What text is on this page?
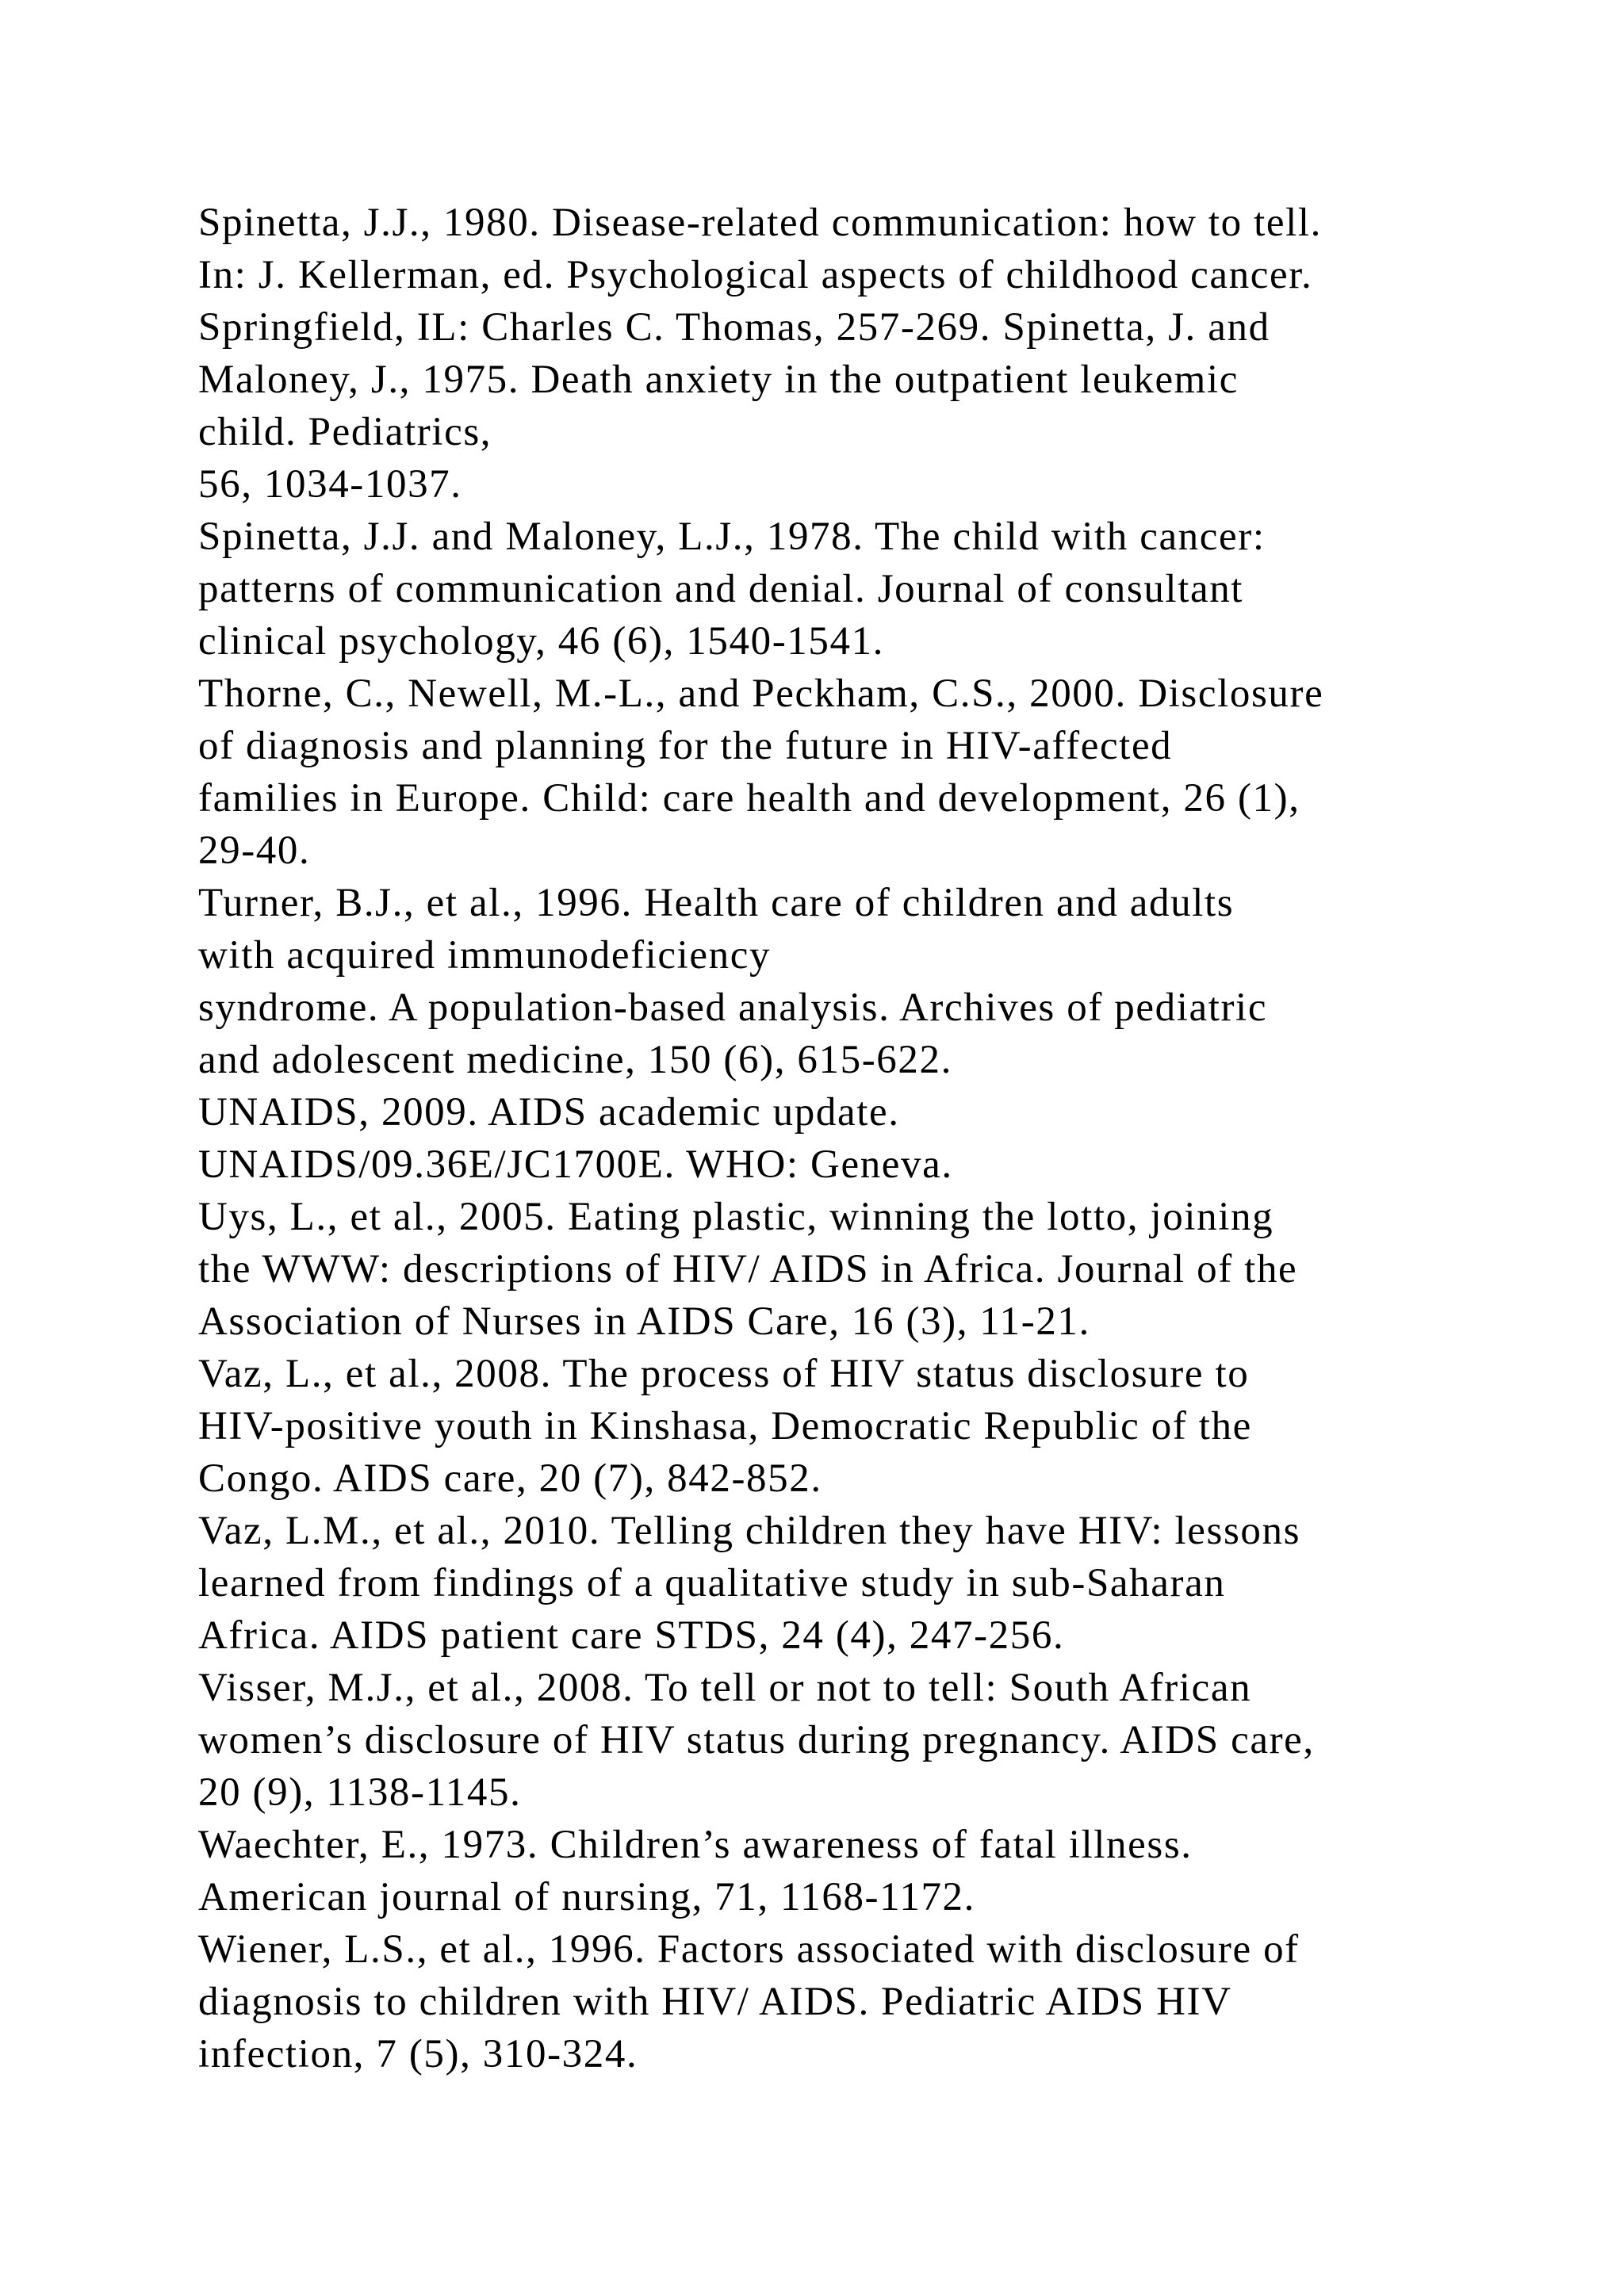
Spinetta, J.J., 1980. Disease-related communication: how to tell.
In: J. Kellerman, ed. Psychological aspects of childhood cancer.
Springfield, IL: Charles C. Thomas, 257-269. Spinetta, J. and
Maloney, J., 1975. Death anxiety in the outpatient leukemic
child. Pediatrics,
56, 1034-1037.
Spinetta, J.J. and Maloney, L.J., 1978. The child with cancer:
patterns of communication and denial. Journal of consultant
clinical psychology, 46 (6), 1540-1541.
Thorne, C., Newell, M.-L., and Peckham, C.S., 2000. Disclosure
of diagnosis and planning for the future in HIV-affected
families in Europe. Child: care health and development, 26 (1),
29-40.
Turner, B.J., et al., 1996. Health care of children and adults
with acquired immunodeficiency
syndrome. A population-based analysis. Archives of pediatric
and adolescent medicine, 150 (6), 615-622.
UNAIDS, 2009. AIDS academic update.
UNAIDS/09.36E/JC1700E. WHO: Geneva.
Uys, L., et al., 2005. Eating plastic, winning the lotto, joining
the WWW: descriptions of HIV/ AIDS in Africa. Journal of the
Association of Nurses in AIDS Care, 16 (3), 11-21.
Vaz, L., et al., 2008. The process of HIV status disclosure to
HIV-positive youth in Kinshasa, Democratic Republic of the
Congo. AIDS care, 20 (7), 842-852.
Vaz, L.M., et al., 2010. Telling children they have HIV: lessons
learned from findings of a qualitative study in sub-Saharan
Africa. AIDS patient care STDS, 24 (4), 247-256.
Visser, M.J., et al., 2008. To tell or not to tell: South African
women’s disclosure of HIV status during pregnancy. AIDS care,
20 (9), 1138-1145.
Waechter, E., 1973. Children’s awareness of fatal illness.
American journal of nursing, 71, 1168-1172.
Wiener, L.S., et al., 1996. Factors associated with disclosure of
diagnosis to children with HIV/ AIDS. Pediatric AIDS HIV
infection, 7 (5), 310-324.
